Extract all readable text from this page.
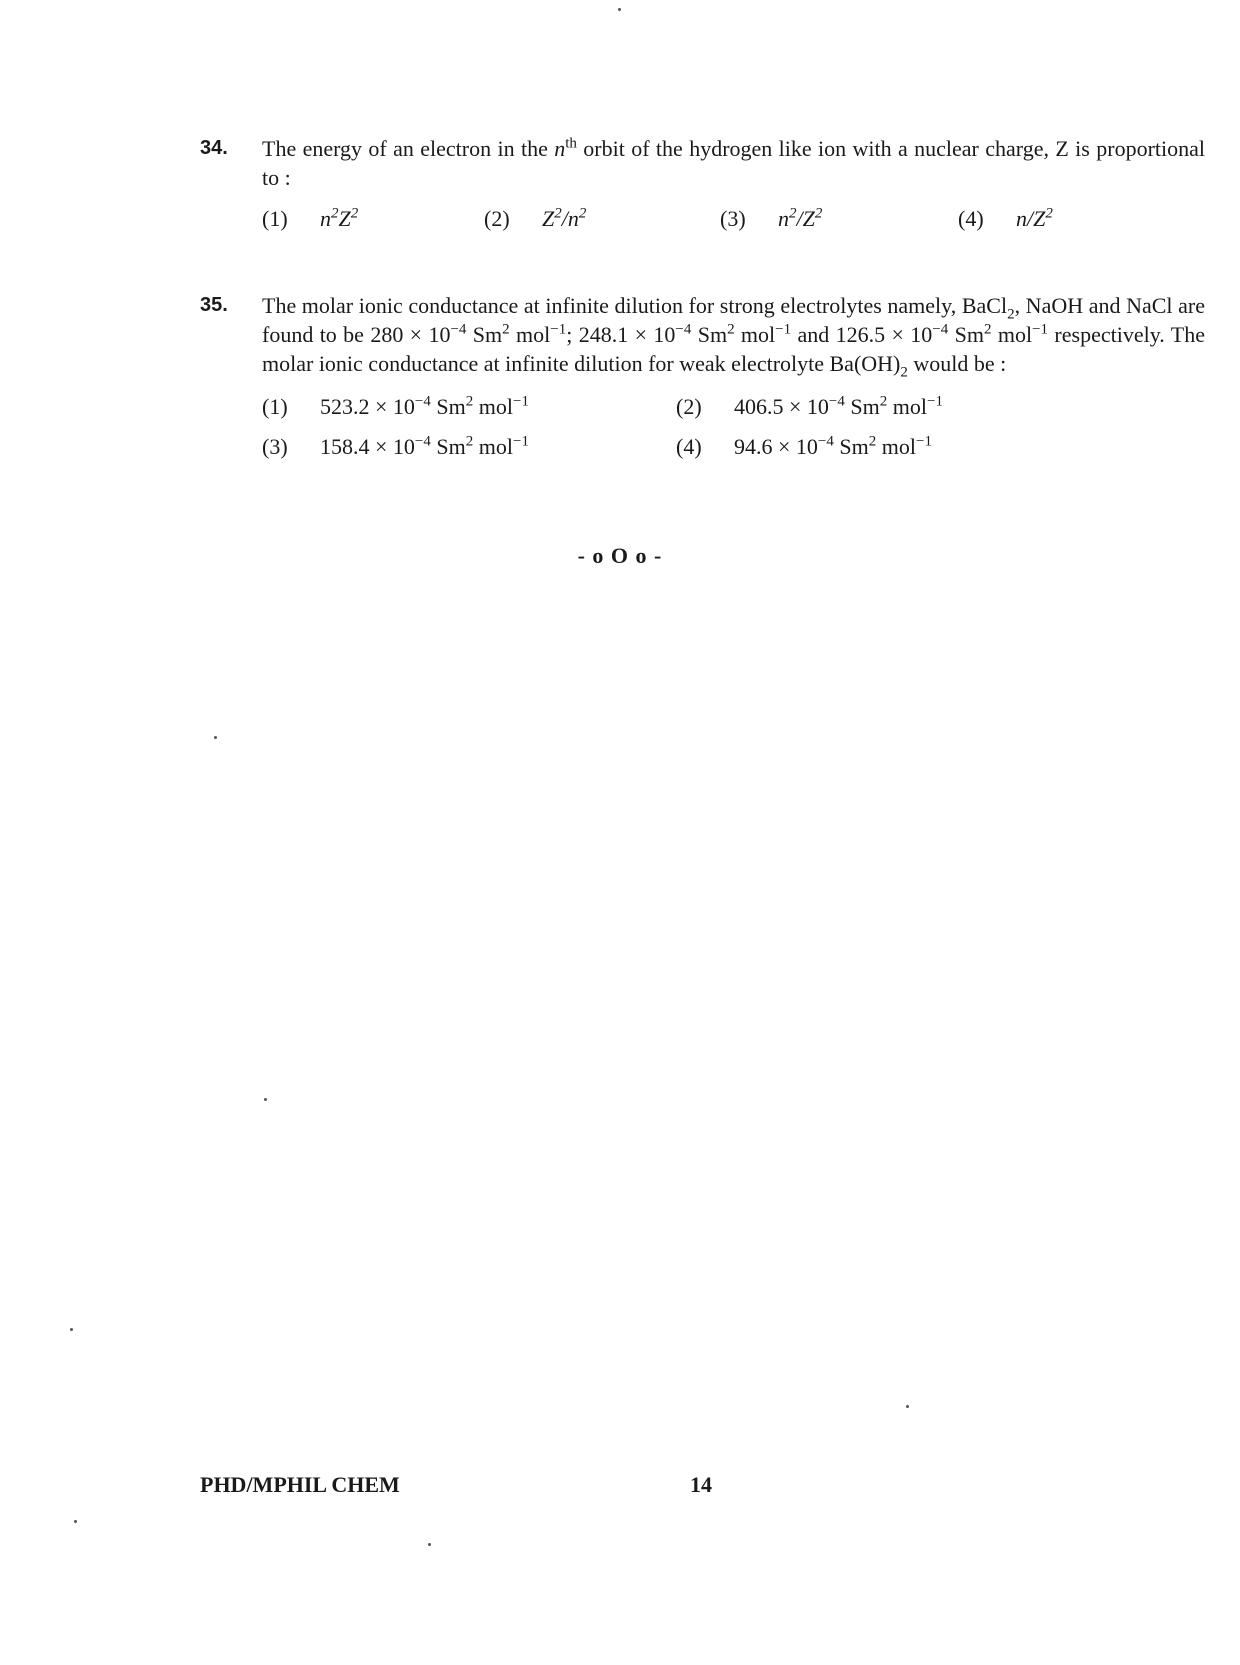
34. The energy of an electron in the $n^{th}$ orbit of the hydrogen like ion with a nuclear charge, Z is proportional to :
(1) $n^2Z^2$	(2) $Z^2/n^2$	(3) $n^2/Z^2$	(4) $n/Z^2$
35. The molar ionic conductance at infinite dilution for strong electrolytes namely, BaCl$_2$, NaOH and NaCl are found to be $280 \times 10^{-4}$ Sm$^2$ mol$^{-1}$; $248.1 \times 10^{-4}$ Sm$^2$ mol$^{-1}$ and $126.5 \times 10^{-4}$ Sm$^2$ mol$^{-1}$ respectively. The molar ionic conductance at infinite dilution for weak electrolyte $Ba(OH)_2$ would be :
(1) $523.2 \times 10^{-4}$ Sm$^2$ mol$^{-1}$	(2) $406.5 \times 10^{-4}$ Sm$^2$ mol$^{-1}$
(3) $158.4 \times 10^{-4}$ Sm$^2$ mol$^{-1}$	(4) $94.6 \times 10^{-4}$ Sm$^2$ mol$^{-1}$
- o O o -
PHD/MPHIL CHEM	14
